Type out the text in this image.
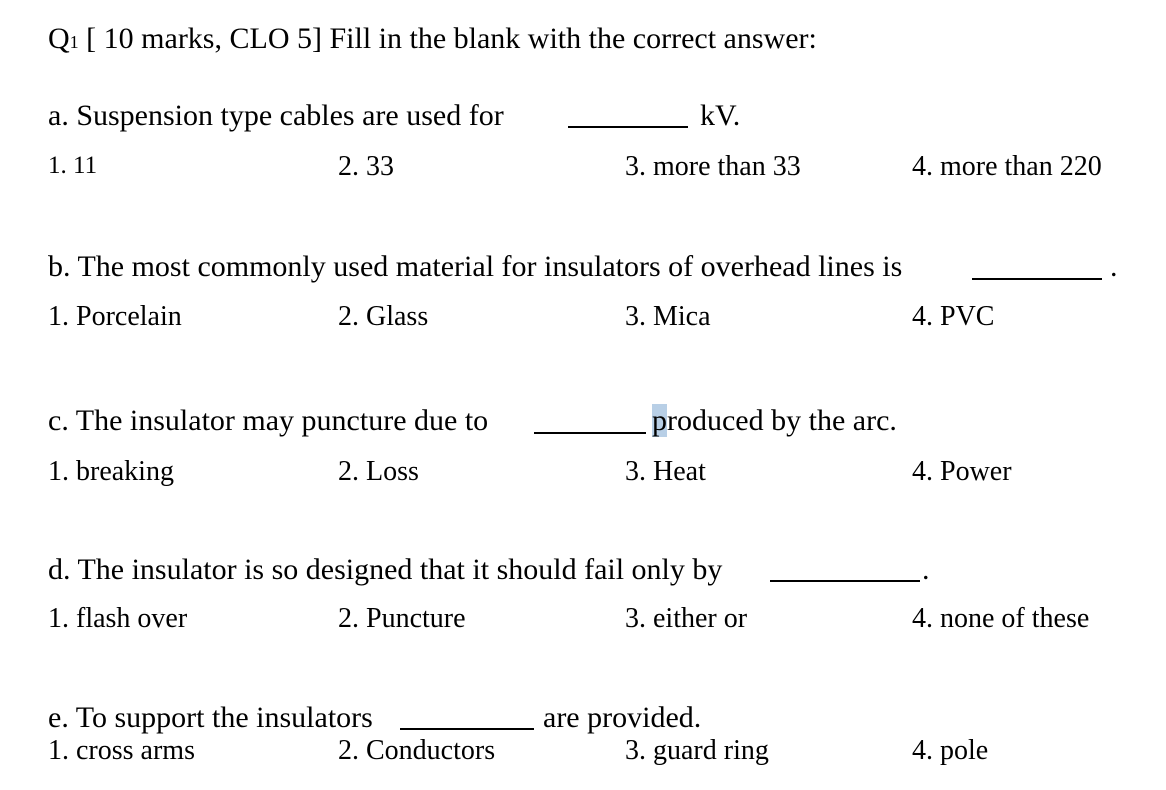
Q1 [ 10 marks, CLO 5] Fill in the blank with the correct answer:
a. Suspension type cables are used for	kV.
1. 11	2. 33	3. more than 33	4. more than 220
b. The most commonly used material for insulators of overhead lines is	.
1. Porcelain	2. Glass	3. Mica	4. PVC
c. The insulator may puncture due to	produced by the arc.
1. breaking	2. Loss	3. Heat	4. Power
d. The insulator is so designed that it should fail only by	.
1. flash over	2. Puncture	3. either or	4. none of these
e. To support the insulators	are provided.
1. cross arms	2. Conductors	3. guard ring	4. pole
